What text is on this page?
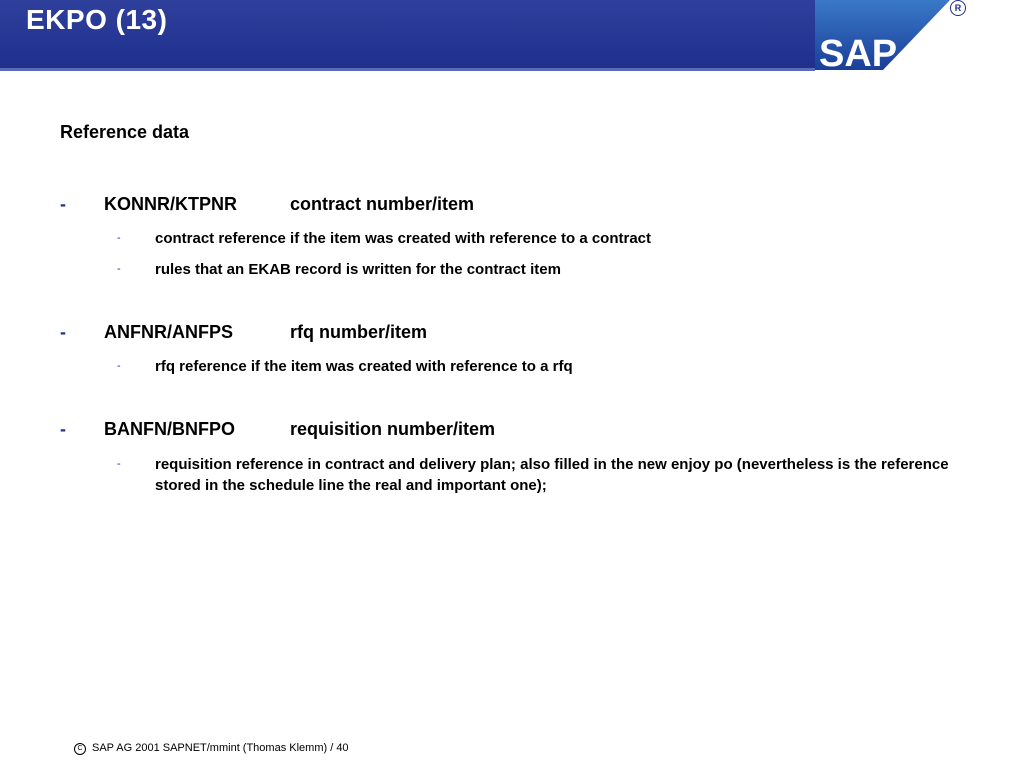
EKPO (13)
SAP
R
Reference data
- KONNR/KTPNR	contract number/item
- contract reference if the item was created with reference to a contract
- rules that an EKAB record is written for the contract item
- ANFNR/ANFPS	rfq number/item
- rfq reference if the item was created with reference to a rfq
- BANFN/BNFPO	requisition number/item
- requisition reference in contract and delivery plan; also filled in the new enjoy po (nevertheless is the reference stored in the schedule line the real and important one);
C SAP AG 2001 SAPNET/mmint (Thomas Klemm) / 40
